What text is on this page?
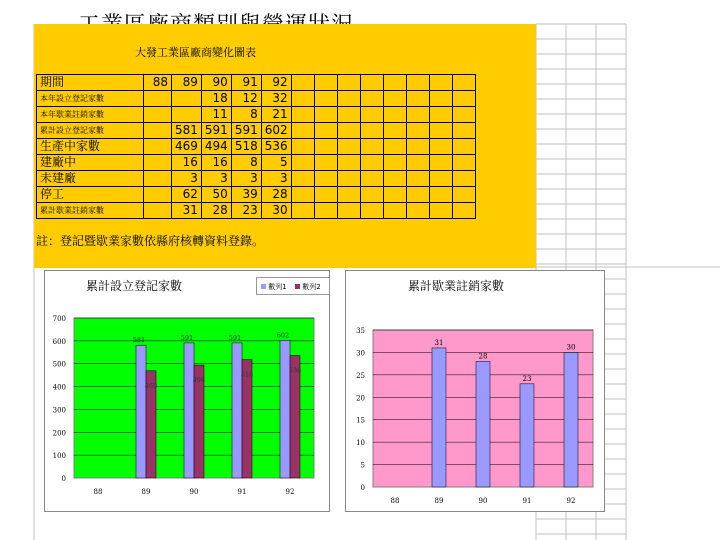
大發工業區廠商變化圖表
期間	88	89	90	91	92								
本年設立登記家數			18	12	32								
本年歇業註銷家數			11	8	21								
累計設立登記家數		581	591	591	602								
生產中家數		469	494	518	536								
建廠中		16	16	8	5								
未建廠		3	3	3	3								
停工		62	50	39	28								
累計歇業註銷家數		31	28	23	30								
註：登記暨歇業家數依縣府核轉資料登錄。
累計設立登記家數	數列1	數列2
0
100
200
300
400
500
600
700
88	89
581
469
90
591
494
91
591
518
92
602
536
累計歇業註銷家數
0
5
10
15
20
25
30
35
88	89
31
90
28
91
23
92
30
